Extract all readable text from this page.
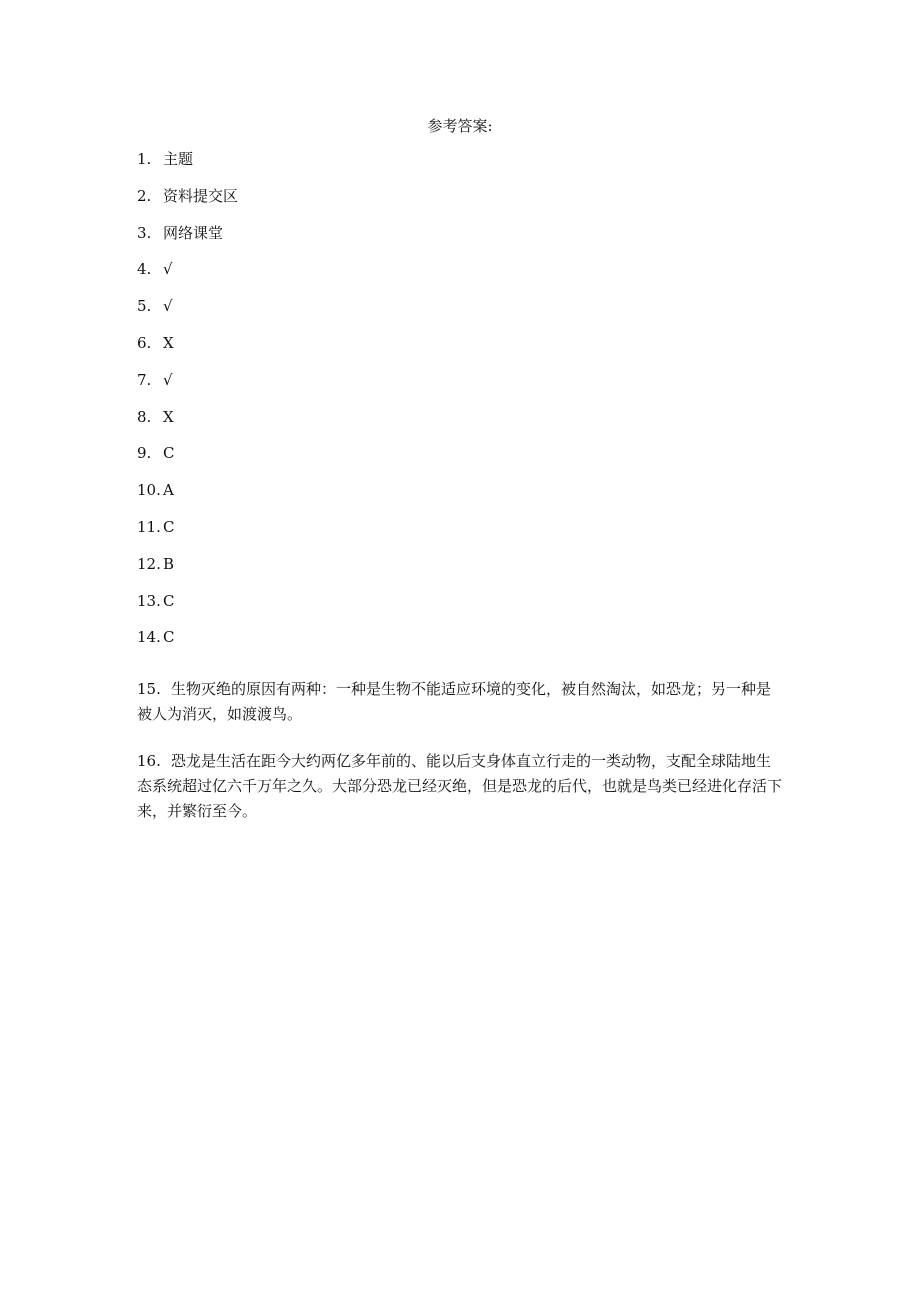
参考答案:
1. 主题
2. 资料提交区
3. 网络课堂
4. √
5. √
6. X
7. √
8. X
9. C
10. A
11. C
12. B
13. C
14. C

15. 生物灭绝的原因有两种：一种是生物不能适应环境的变化，被自然淘汰，如恐龙；另一种是被人为消灭，如渡渡鸟。

16. 恐龙是生活在距今大约两亿多年前的、能以后支身体直立行走的一类动物，支配全球陆地生态系统超过亿六千万年之久。大部分恐龙已经灭绝，但是恐龙的后代，也就是鸟类已经进化存活下来，并繁衍至今。
